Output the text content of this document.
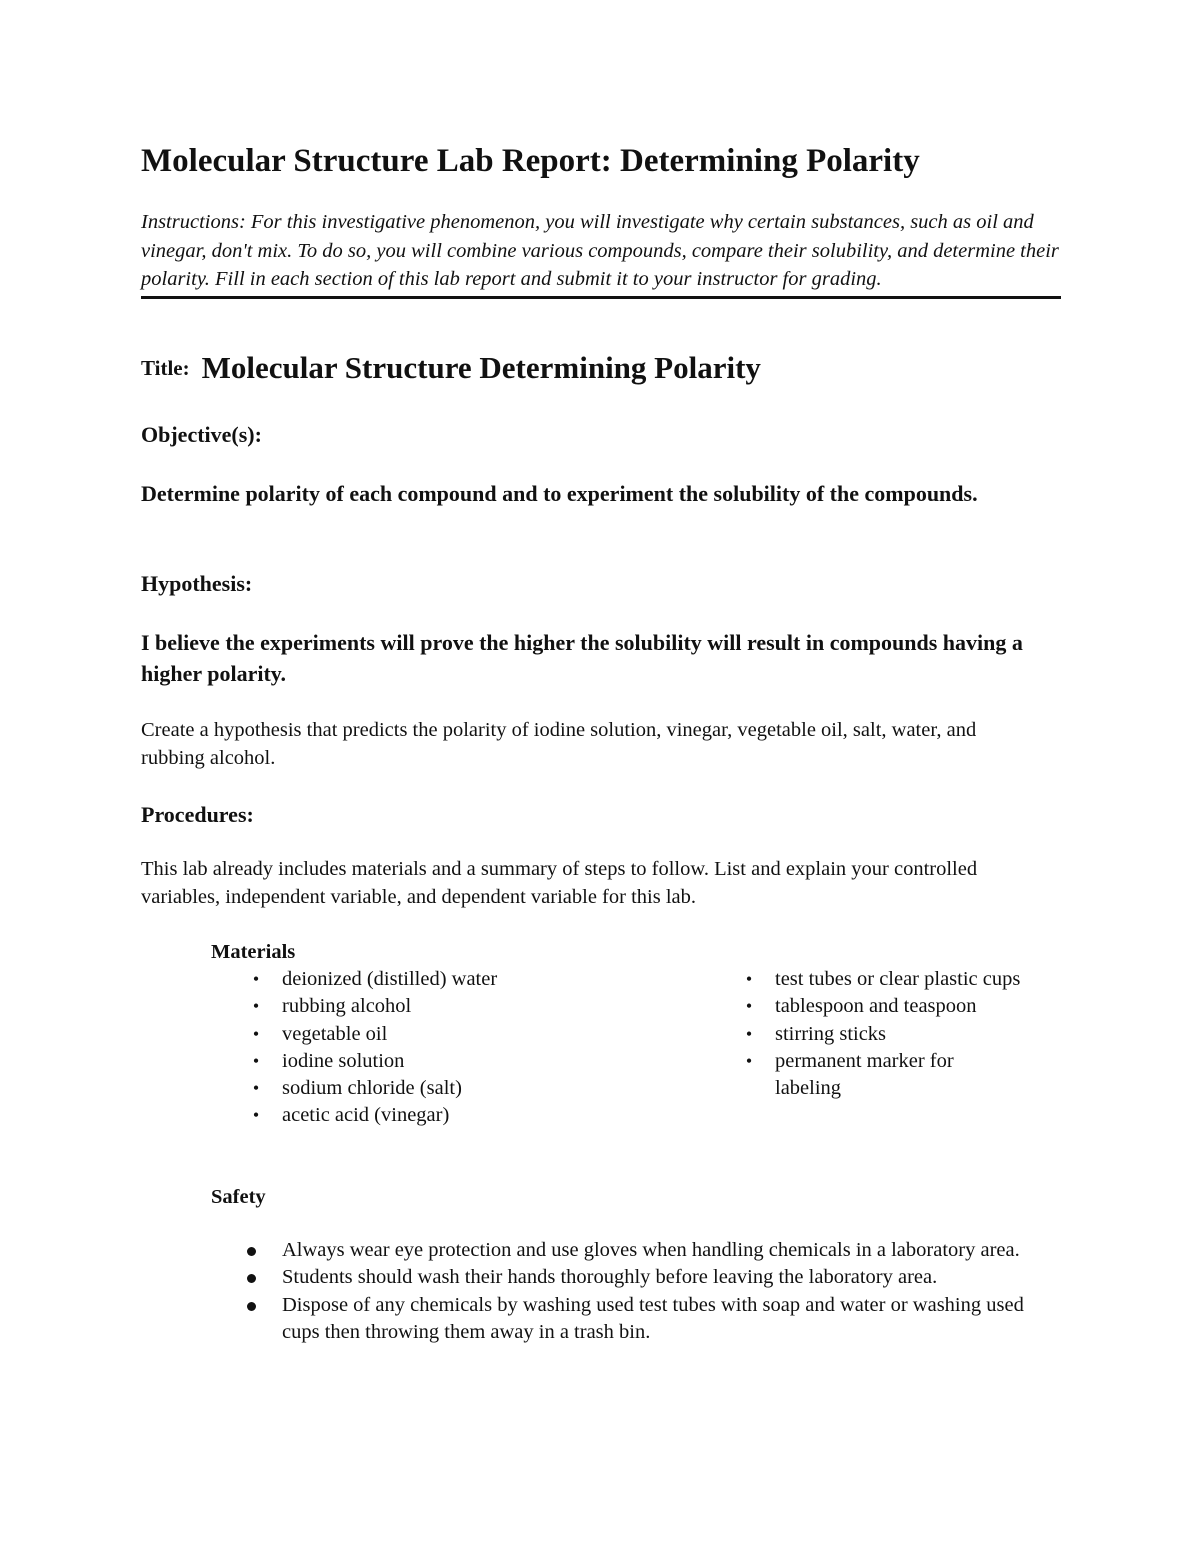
Molecular Structure Lab Report: Determining Polarity

Instructions: For this investigative phenomenon, you will investigate why certain substances, such as oil and vinegar, don't mix. To do so, you will combine various compounds, compare their solubility, and determine their polarity. Fill in each section of this lab report and submit it to your instructor for grading.

Title: Molecular Structure Determining Polarity
Objective(s):

Determine polarity of each compound and to experiment the solubility of the compounds.

Hypothesis:

I believe the experiments will prove the higher the solubility will result in compounds having a higher polarity.

Create a hypothesis that predicts the polarity of iodine solution, vinegar, vegetable oil, salt, water, and rubbing alcohol.

Procedures:

This lab already includes materials and a summary of steps to follow. List and explain your controlled variables, independent variable, and dependent variable for this lab.

Materials
•	deionized (distilled) water
•	rubbing alcohol
•	vegetable oil
•	iodine solution
•	sodium chloride (salt)
•	acetic acid (vinegar)
•	test tubes or clear plastic cups
•	tablespoon and teaspoon
•	stirring sticks
•	permanent marker for labeling
Safety
Always wear eye protection and use gloves when handling chemicals in a laboratory area.
Students should wash their hands thoroughly before leaving the laboratory area.
Dispose of any chemicals by washing used test tubes with soap and water or washing used cups then throwing them away in a trash bin.
